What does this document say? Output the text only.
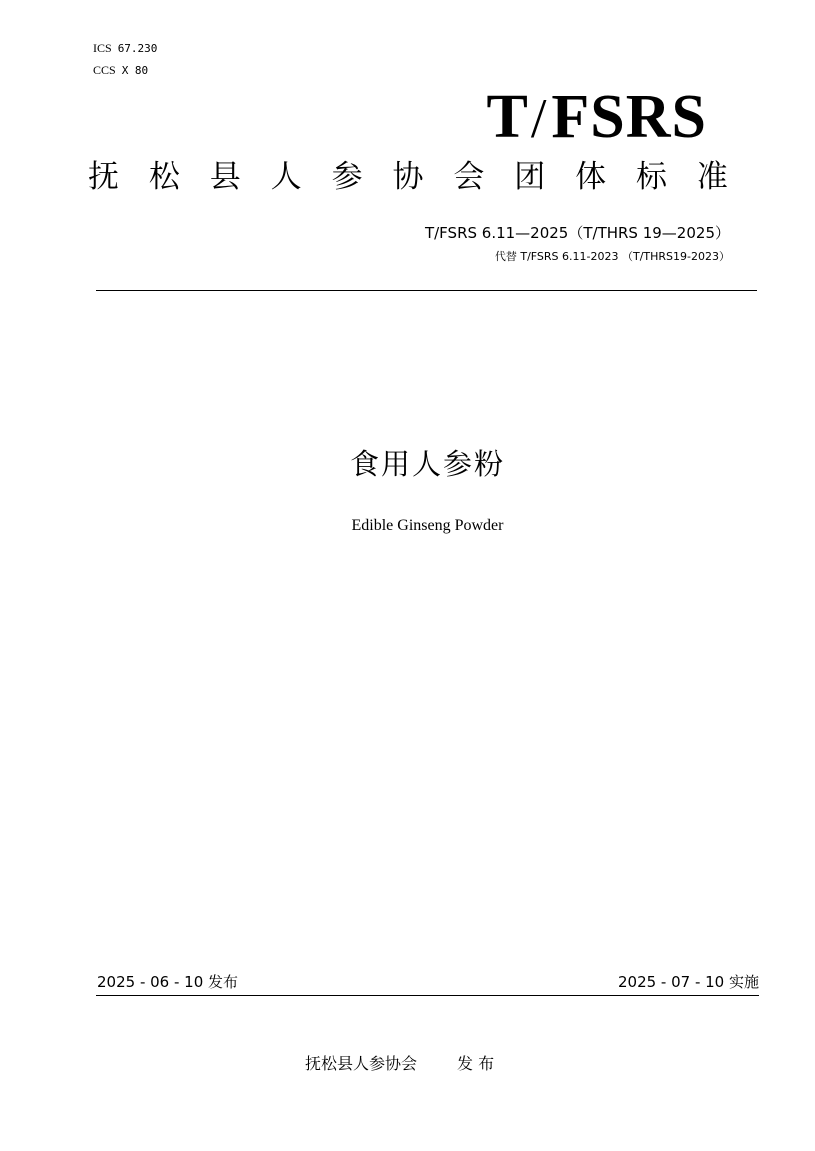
ICS 67.230
CCS X 80
T/FSRS
抚 松 县 人 参 协 会 团 体 标 准
T/FSRS 6.11—2025（T/THRS 19—2025）
代替 T/FSRS 6.11-2023 （T/THRS19-2023）
食用人参粉
Edible Ginseng Powder
2025 - 06 - 10 发布	2025 - 07 - 10 实施
抚松县人参协会	发 布
